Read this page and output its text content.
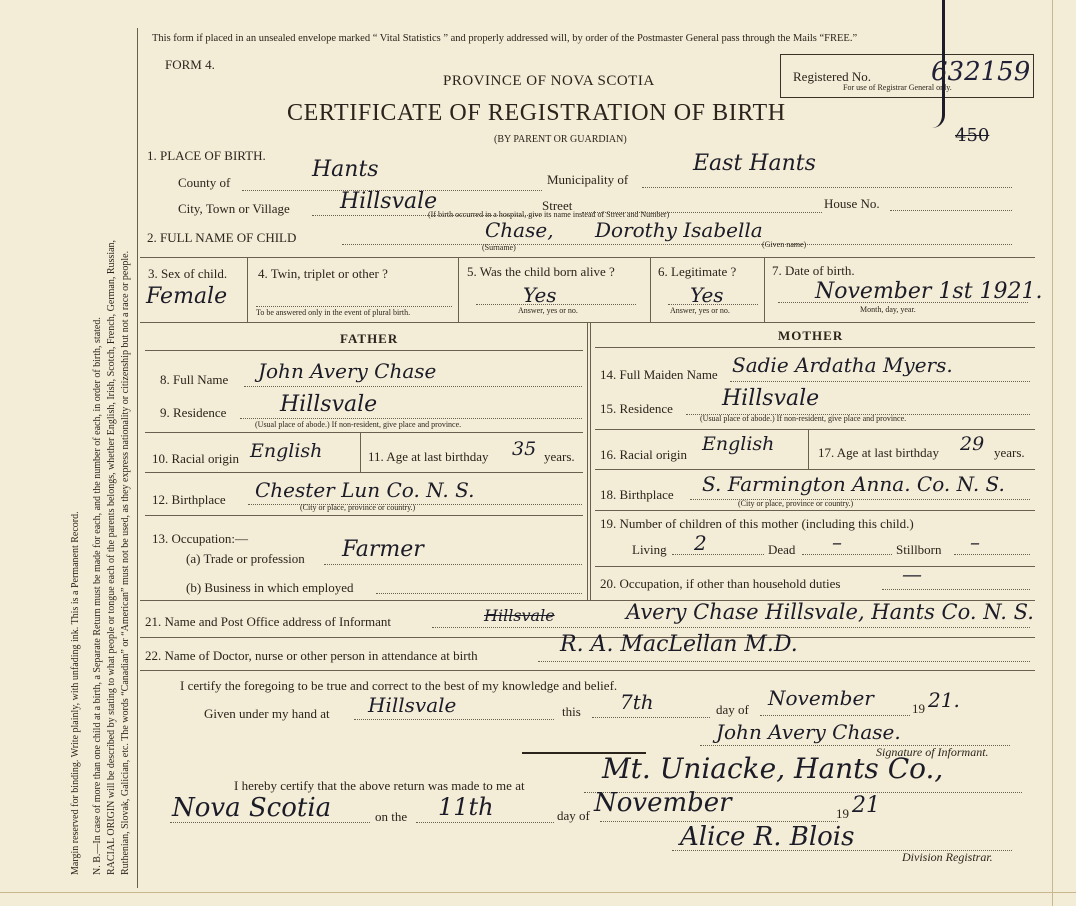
Margin reserved for binding. Write plainly, with unfading ink. This is a Permanent Record. N. B.—In case of more than one child at a birth, a Separate Return must be made for each, and the number of each, in order of birth, stated. RACIAL ORIGIN will be described by stating to what people or tongue each of the parents belongs, whether English, Irish, Scotch, French, German, Russian, Ruthenian, Slovak, Galician, etc. The words “Canadian” or “American” must not be used, as they express nationality or citizenship but not a race or people.
This form if placed in an unsealed envelope marked “ Vital Statistics ” and properly addressed will, by order of the Postmaster General pass through the Mails “FREE.”
FORM 4.
PROVINCE OF NOVA SCOTIA
CERTIFICATE OF REGISTRATION OF BIRTH
(BY PARENT OR GUARDIAN)
Registered No. 632159
For use of Registrar General only.
450
1. PLACE OF BIRTH.
County of
Hants	Municipality of
East Hants
City, Town or Village Hillsvale	Street	House No.
(If birth occurred in a hospital, give its name instead of Street and Number)
2. FULL NAME OF CHILD	Chase, Dorothy Isabella
(Surname)	(Given name)
3. Sex of child.
Female
4. Twin, triplet or other ?
To be answered only in the event of plural birth.
5. Was the child born alive ?
Yes
Answer, yes or no.
6. Legitimate ?
Yes
Answer, yes or no.
7. Date of birth.
November 1st 1921.
Month, day, year.
FATHER	MOTHER
8. Full Name John Avery Chase
9. Residence Hillsvale
(Usual place of abode.) If non-resident, give place and province.
10. Racial origin English	11. Age at last birthday 35 years.
12. Birthplace Chester Lun Co. N. S.
(City or place, province or country.)
13. Occupation:—
(a) Trade or profession Farmer
(b) Business in which employed
14. Full Maiden Name Sadie Ardatha Myers.
15. Residence Hillsvale
(Usual place of abode.) If non-resident, give place and province.
16. Racial origin English	17. Age at last birthday 29 years.
18. Birthplace S. Farmington Anna. Co. N. S.
(City or place, province or country.)
19. Number of children of this mother (including this child.)
Living 2	Dead –	Stillborn –
20. Occupation, if other than household duties	—
21. Name and Post Office address of Informant	Hillsvale	Avery Chase Hillsvale, Hants Co. N. S.
22. Name of Doctor, nurse or other person in attendance at birth	R. A. MacLellan M.D.
I certify the foregoing to be true and correct to the best of my knowledge and belief.
Given under my hand at Hillsvale	this 7th	day of November	19 21.
John Avery Chase.
Signature of Informant.
I hereby certify that the above return was made to me at
Mt. Uniacke, Hants Co.,
Nova Scotia	on the 11th	day of November	19 21
Alice R. Blois
Division Registrar.
